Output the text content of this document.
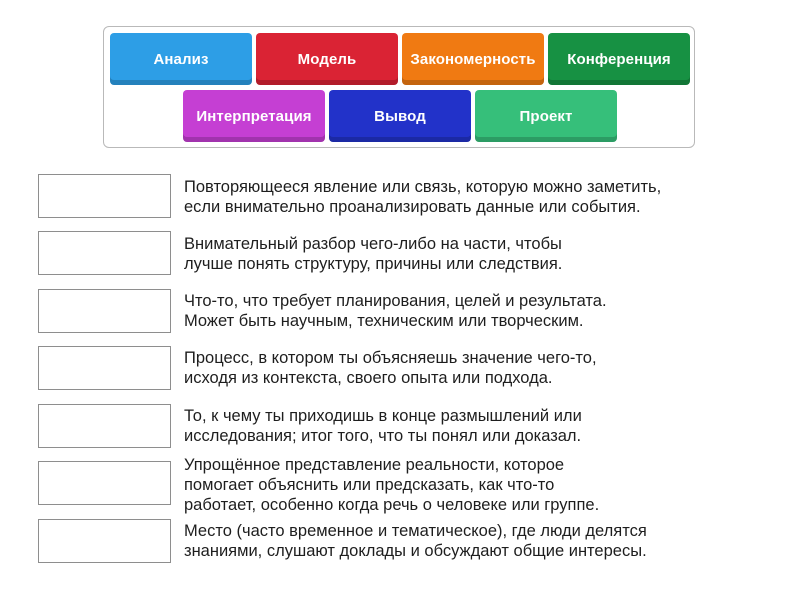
Анализ	Модель	Закономерность	Конференция
Интерпретация	Вывод	Проект
Повторяющееся явление или связь, которую можно заметить,
если внимательно проанализировать данные или события.
Внимательный разбор чего-либо на части, чтобы
лучше понять структуру, причины или следствия.
Что-то, что требует планирования, целей и результата.
Может быть научным, техническим или творческим.
Процесс, в котором ты объясняешь значение чего-то,
исходя из контекста, своего опыта или подхода.
То, к чему ты приходишь в конце размышлений или
исследования; итог того, что ты понял или доказал.
Упрощённое представление реальности, которое
помогает объяснить или предсказать, как что-то
работает, особенно когда речь о человеке или группе.
Место (часто временное и тематическое), где люди делятся
знаниями, слушают доклады и обсуждают общие интересы.
